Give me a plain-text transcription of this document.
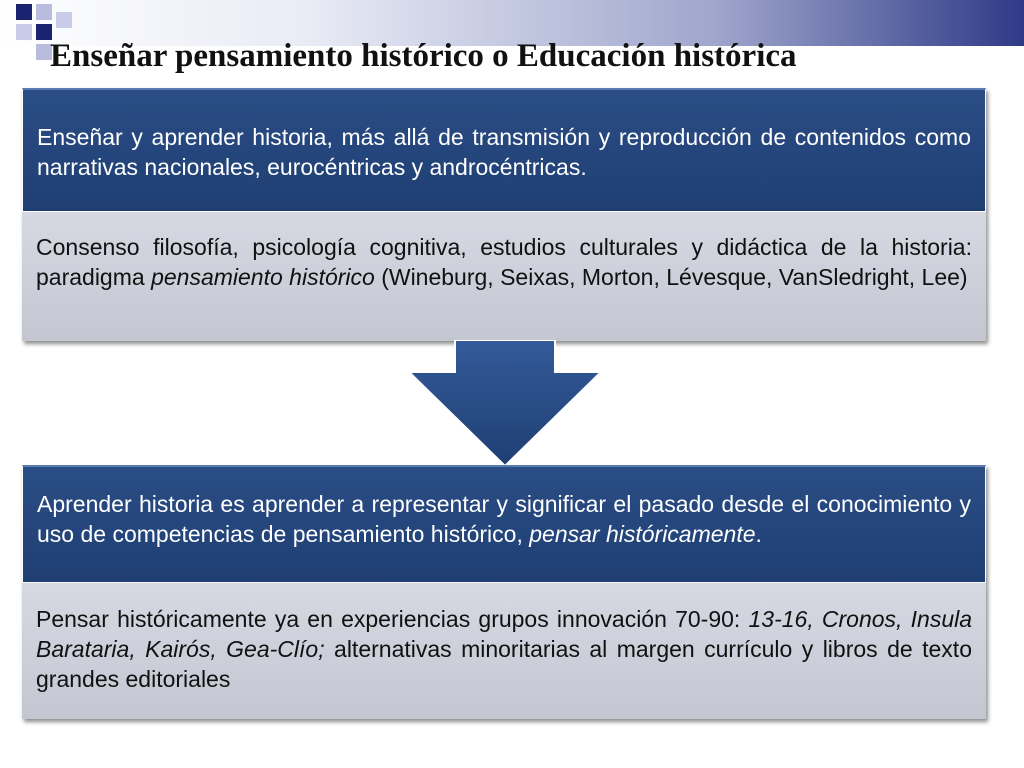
Enseñar pensamiento histórico o Educación histórica

Enseñar y aprender historia, más allá de transmisión y reproducción de contenidos como narrativas nacionales, eurocéntricas y androcéntricas.

Consenso filosofía, psicología cognitiva, estudios culturales y didáctica de la historia: paradigma pensamiento histórico (Wineburg, Seixas, Morton, Lévesque, VanSledright, Lee)

Aprender historia es aprender a representar y significar el pasado desde el conocimiento y uso de competencias de pensamiento histórico, pensar históricamente.

Pensar históricamente ya en experiencias grupos innovación 70-90: 13-16, Cronos, Insula Barataria, Kairós, Gea-Clío; alternativas minoritarias al margen currículo y libros de texto grandes editoriales
